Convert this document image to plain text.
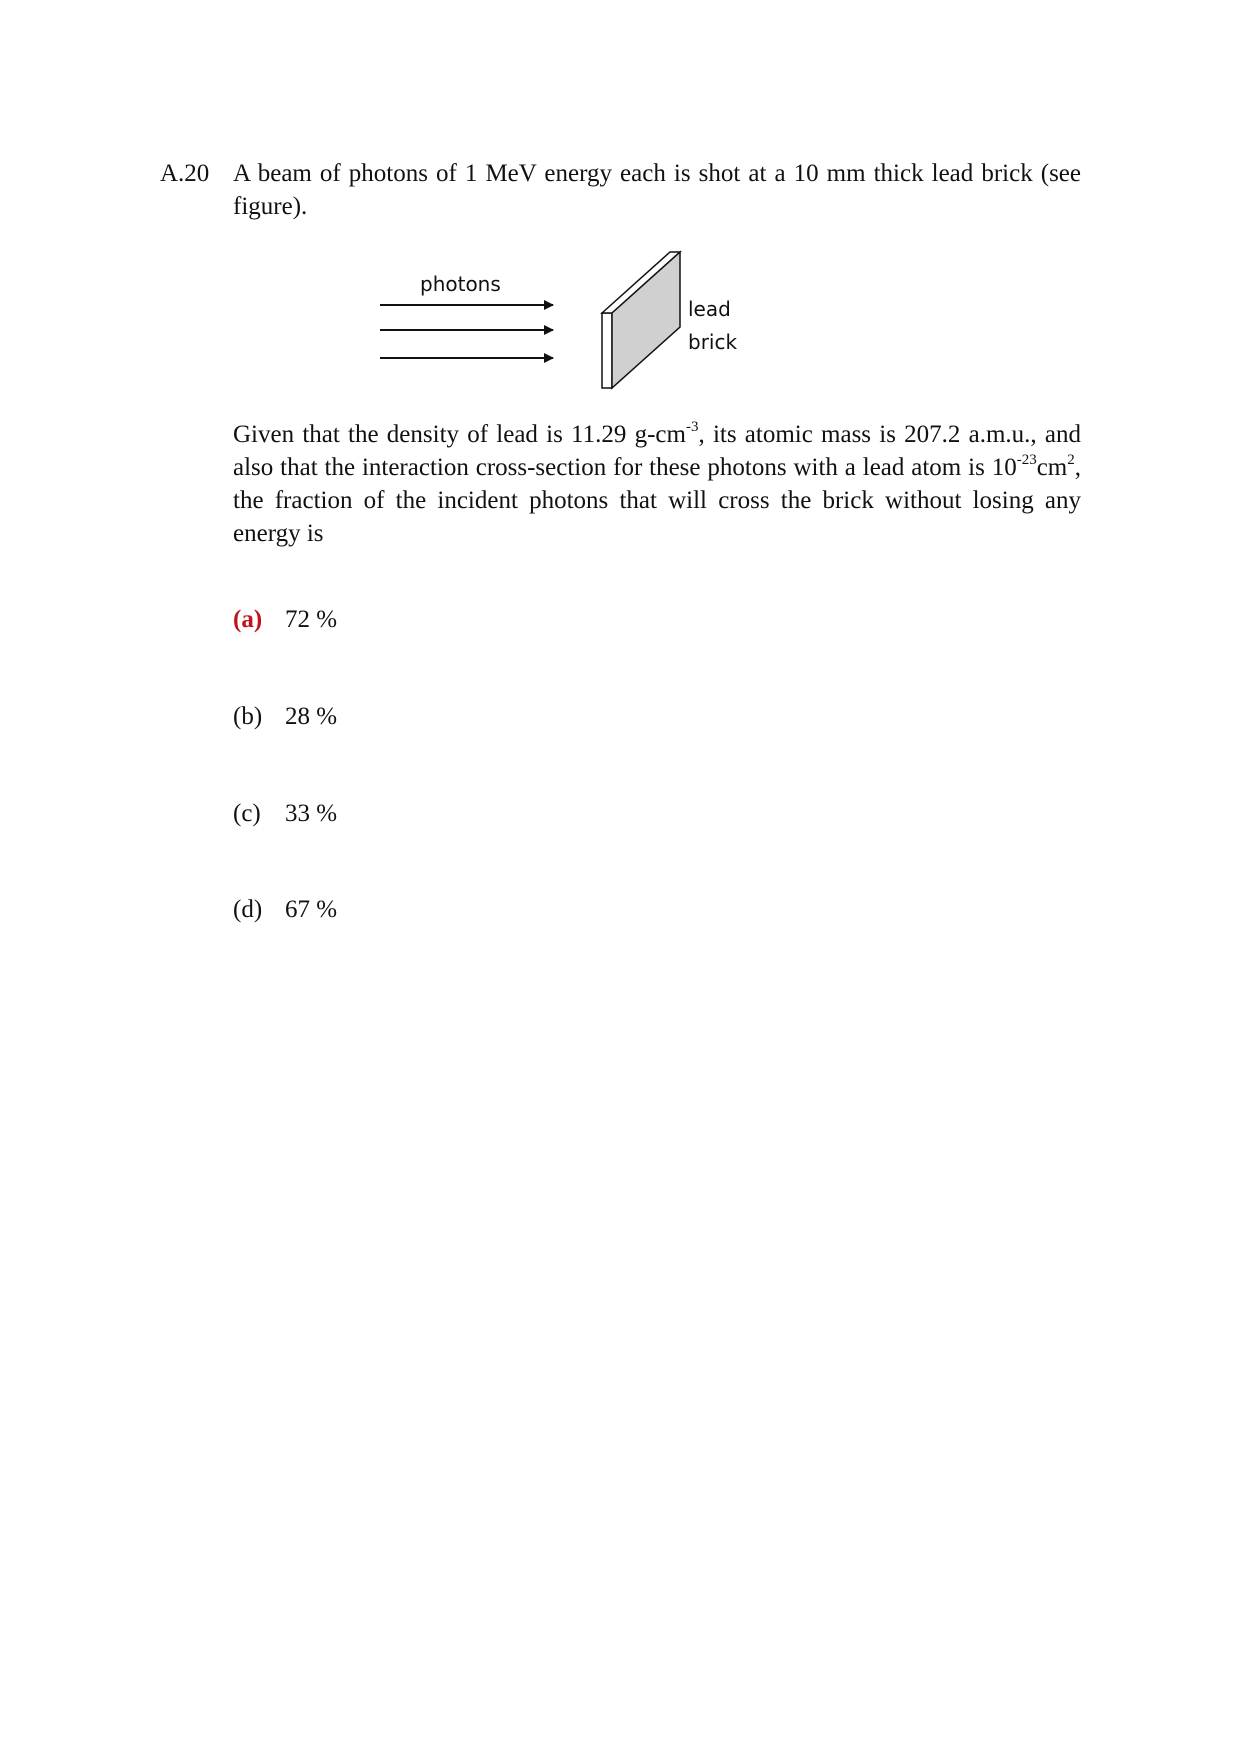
A.20 A beam of photons of 1 MeV energy each is shot at a 10 mm thick lead brick (see figure).
photons
lead
brick
Given that the density of lead is 11.29 $g-cm^{-3}$, its atomic mass is 207.2 a.m.u., and also that the interaction cross-section for these photons with a lead atom is $10^{-23}cm^2$, the fraction of the incident photons that will cross the brick without losing any energy is
(a) 72 %
(b) 28 %
(c) 33 %
(d) 67 %
